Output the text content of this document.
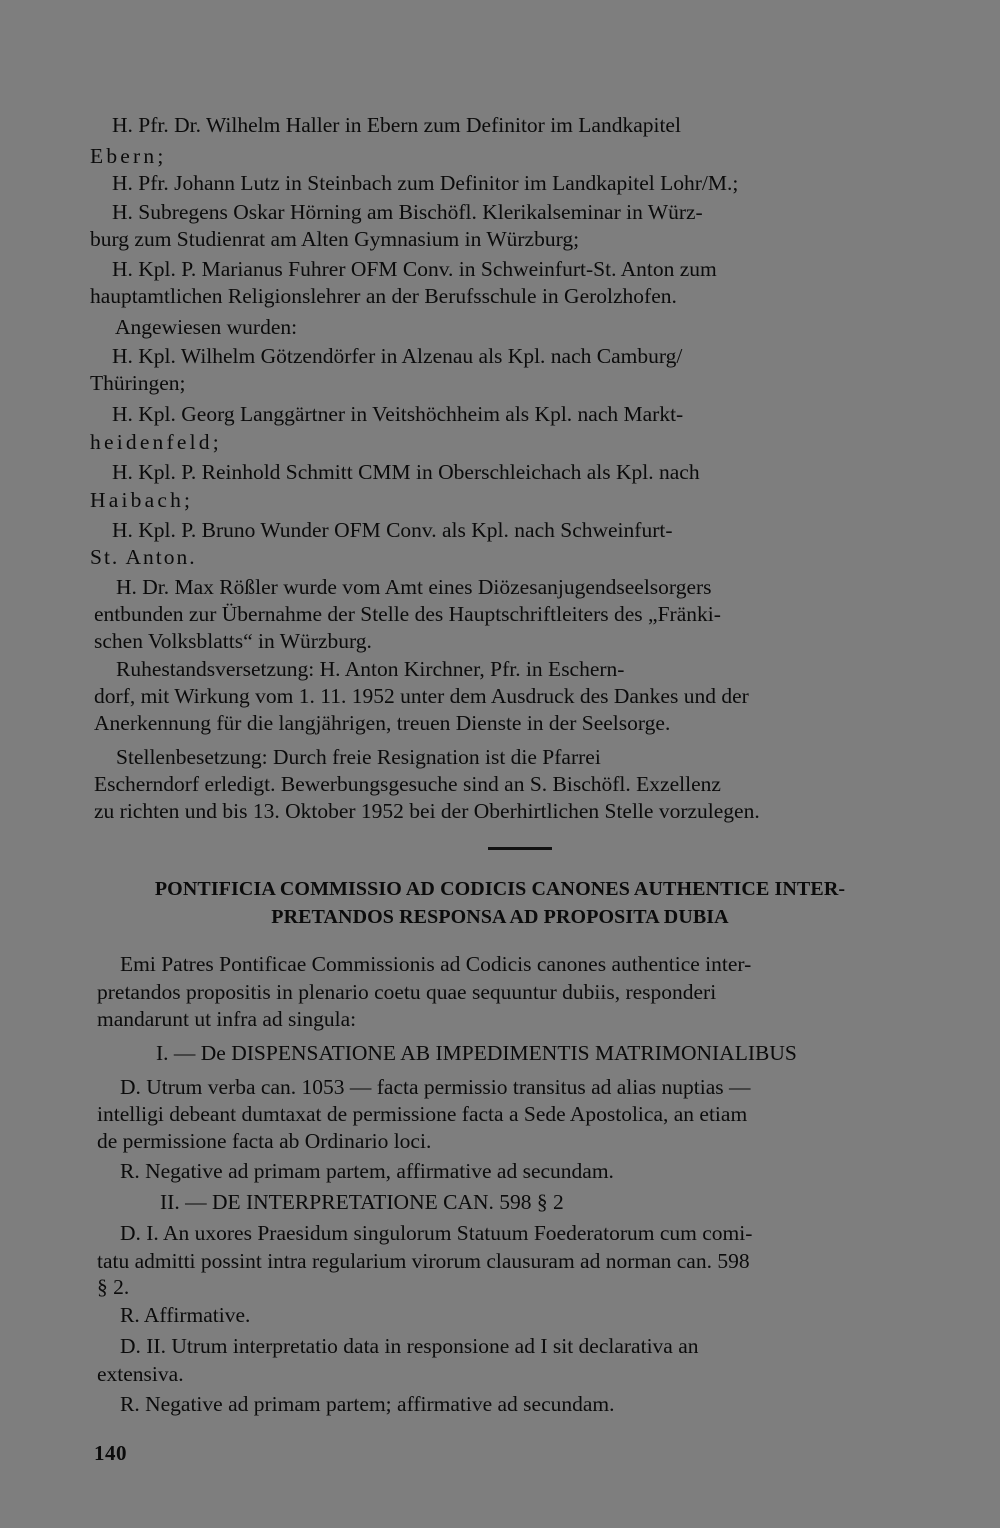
H. Pfr. Dr. Wilhelm Haller in Ebern zum Definitor im Landkapitel
Ebern;
H. Pfr. Johann Lutz in Steinbach zum Definitor im Landkapitel Lohr/M.;
H. Subregens Oskar Hörning am Bischöfl. Klerikalseminar in Würz-
burg zum Studienrat am Alten Gymnasium in Würzburg;
H. Kpl. P. Marianus Fuhrer OFM Conv. in Schweinfurt-St. Anton zum
hauptamtlichen Religionslehrer an der Berufsschule in Gerolzhofen.
Angewiesen wurden:
H. Kpl. Wilhelm Götzendörfer in Alzenau als Kpl. nach Camburg/
Thüringen;
H. Kpl. Georg Langgärtner in Veitshöchheim als Kpl. nach Markt-
heidenfeld;
H. Kpl. P. Reinhold Schmitt CMM in Oberschleichach als Kpl. nach
Haibach;
H. Kpl. P. Bruno Wunder OFM Conv. als Kpl. nach Schweinfurt-
St. Anton.
H. Dr. Max Rößler wurde vom Amt eines Diözesanjugendseelsorgers
entbunden zur Übernahme der Stelle des Hauptschriftleiters des „Fränki-
schen Volksblatts“ in Würzburg.
Ruhestandsversetzung: H. Anton Kirchner, Pfr. in Eschern-
dorf, mit Wirkung vom 1. 11. 1952 unter dem Ausdruck des Dankes und der
Anerkennung für die langjährigen, treuen Dienste in der Seelsorge.
Stellenbesetzung: Durch freie Resignation ist die Pfarrei
Escherndorf erledigt. Bewerbungsgesuche sind an S. Bischöfl. Exzellenz
zu richten und bis 13. Oktober 1952 bei der Oberhirtlichen Stelle vorzulegen.
PONTIFICIA COMMISSIO AD CODICIS CANONES AUTHENTICE INTER-
PRETANDOS RESPONSA AD PROPOSITA DUBIA
Emi Patres Pontificae Commissionis ad Codicis canones authentice inter-
pretandos propositis in plenario coetu quae sequuntur dubiis, responderi
mandarunt ut infra ad singula:
I. — De DISPENSATIONE AB IMPEDIMENTIS MATRIMONIALIBUS
D. Utrum verba can. 1053 — facta permissio transitus ad alias nuptias —
intelligi debeant dumtaxat de permissione facta a Sede Apostolica, an etiam
de permissione facta ab Ordinario loci.
R. Negative ad primam partem, affirmative ad secundam.
II. — DE INTERPRETATIONE CAN. 598 § 2
D. I. An uxores Praesidum singulorum Statuum Foederatorum cum comi-
tatu admitti possint intra regularium virorum clausuram ad norman can. 598
§ 2.
R. Affirmative.
D. II. Utrum interpretatio data in responsione ad I sit declarativa an
extensiva.
R. Negative ad primam partem; affirmative ad secundam.
140
